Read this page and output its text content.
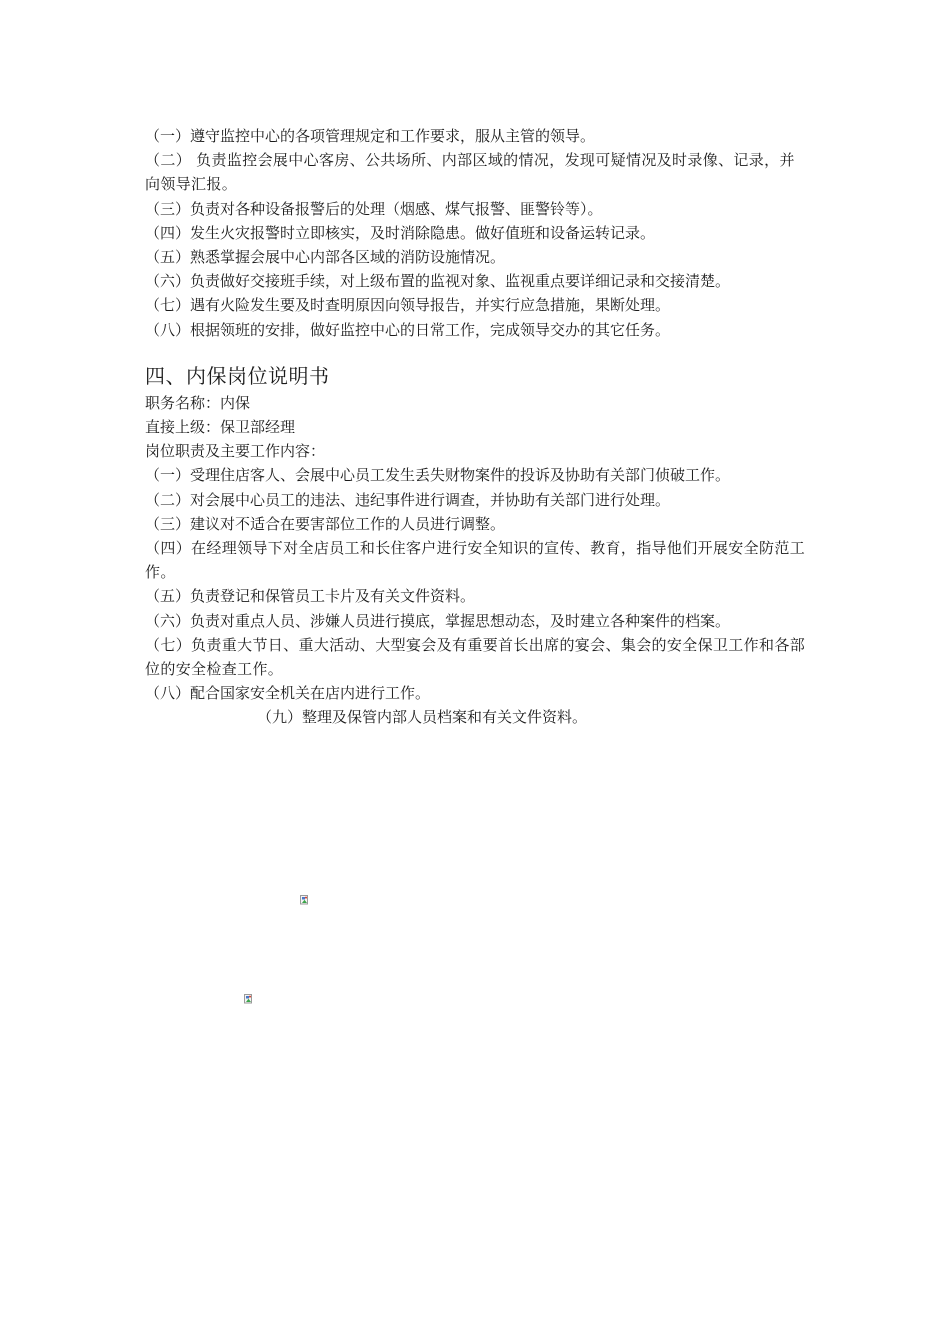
（一）遵守监控中心的各项管理规定和工作要求，服从主管的领导。

（二） 负责监控会展中心客房、公共场所、内部区域的情况，发现可疑情况及时录像、记录，并向领导汇报。

（三）负责对各种设备报警后的处理（烟感、煤气报警、匪警铃等）。

（四）发生火灾报警时立即核实，及时消除隐患。做好值班和设备运转记录。

（五）熟悉掌握会展中心内部各区域的消防设施情况。

（六）负责做好交接班手续，对上级布置的监视对象、监视重点要详细记录和交接清楚。

（七）遇有火险发生要及时查明原因向领导报告，并实行应急措施，果断处理。

（八）根据领班的安排，做好监控中心的日常工作，完成领导交办的其它任务。

四、内保岗位说明书

职务名称：内保

直接上级：保卫部经理

岗位职责及主要工作内容：

（一）受理住店客人、会展中心员工发生丢失财物案件的投诉及协助有关部门侦破工作。

（二）对会展中心员工的违法、违纪事件进行调查，并协助有关部门进行处理。

（三）建议对不适合在要害部位工作的人员进行调整。

（四）在经理领导下对全店员工和长住客户进行安全知识的宣传、教育，指导他们开展安全防范工作。

（五）负责登记和保管员工卡片及有关文件资料。

（六）负责对重点人员、涉嫌人员进行摸底，掌握思想动态，及时建立各种案件的档案。

（七）负责重大节日、重大活动、大型宴会及有重要首长出席的宴会、集会的安全保卫工作和各部位的安全检查工作。

（八）配合国家安全机关在店内进行工作。

（九）整理及保管内部人员档案和有关文件资料。
